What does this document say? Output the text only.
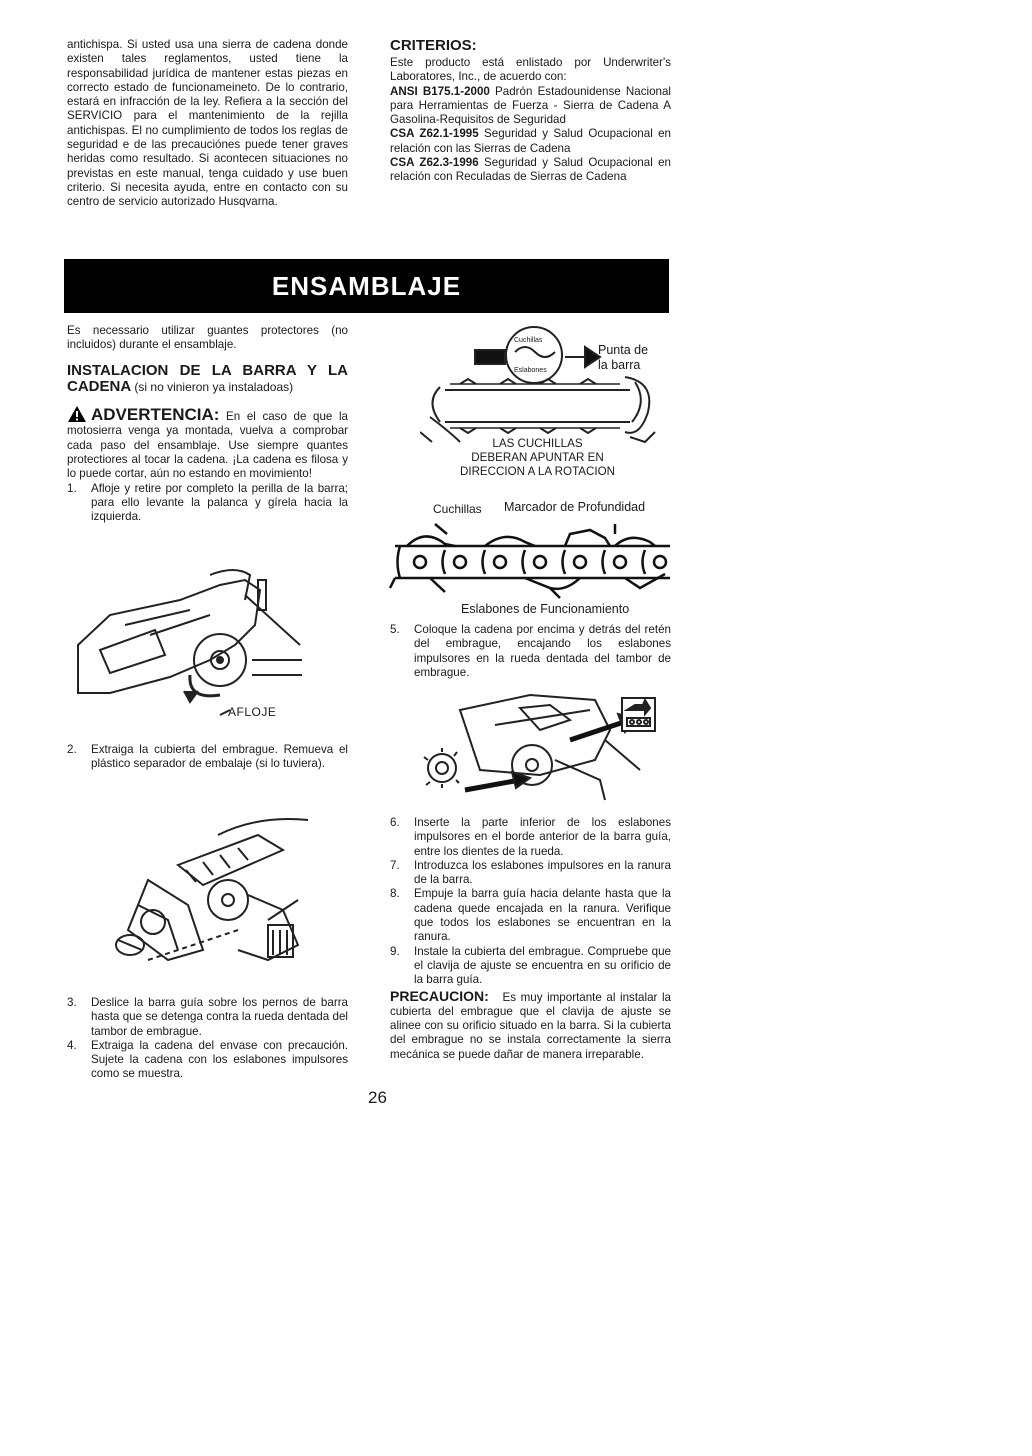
antichispa. Si usted usa una sierra de cadena donde existen tales reglamentos, usted tiene la responsabilidad jurídica de mantener estas piezas en correcto estado de funcionameineto. De lo contrario, estará en infracción de la ley. Refiera a la sección del SERVICIO para el mantenimiento de la rejilla antichispas. El no cumplimiento de todos los reglas de seguridad e de las precauciónes puede tener graves heridas como resultado. Si acontecen situaciones no previstas en este manual, tenga cuidado y use buen criterio. Si necesita ayuda, entre en contacto con su centro de servicio autorizado Husqvarna.

CRITERIOS:

Este producto está enlistado por Underwriter's Laboratores, Inc., de acuerdo con:

ANSI B175.1-2000 Padrón Estadounidense Nacional para Herramientas de Fuerza - Sierra de Cadena A Gasolina-Requisitos de Seguridad

CSA Z62.1-1995 Seguridad y Salud Ocupacional en relación con las Sierras de Cadena

CSA Z62.3-1996 Seguridad y Salud Ocupacional en relación con Reculadas de Sierras de Cadena

ENSAMBLAJE

Es necessario utilizar guantes protectores (no incluidos) durante el ensamblaje.

INSTALACION DE LA BARRA Y LA CADENA (si no vinieron ya instaladoas)
ADVERTENCIA: En el caso de que la motosierra venga ya montada, vuelva a comprobar cada paso del ensamblaje. Use siempre quantes protectiores al tocar la cadena. ¡La cadena es filosa y lo puede cortar, aún no estando en movimiento!
1. Afloje y retire por completo la perilla de la barra; para ello levante la palanca y gírela hacia la izquierda.
AFLOJE
2. Extraiga la cubierta del embrague. Remueva el plástico separador de embalaje (si lo tuviera).
3. Deslice la barra guía sobre los pernos de barra hasta que se detenga contra la rueda dentada del tambor de embrague.
4. Extraiga la cadena del envase con precaución. Sujete la cadena con los eslabones impulsores como se muestra.
Cuchillas
Eslabones
Punta de
la barra
LAS CUCHILLAS
DEBERAN APUNTAR EN
DIRECCION A LA ROTACION
Cuchillas Marcador de Profundidad
Eslabones de Funcionamiento
5. Coloque la cadena por encima y detrás del retén del embrague, encajando los eslabones impulsores en la rueda dentada del tambor de embrague.
6. Inserte la parte inferior de los eslabones impulsores en el borde anterior de la barra guía, entre los dientes de la rueda.
7. Introduzca los eslabones impulsores en la ranura de la barra.
8. Empuje la barra guía hacia delante hasta que la cadena quede encajada en la ranura. Verifique que todos los eslabones se encuentran en la ranura.
9. Instale la cubierta del embrague. Compruebe que el clavija de ajuste se encuentra en su orificio de la barra guía.

PRECAUCION: Es muy importante al instalar la cubierta del embrague que el clavija de ajuste se alinee con su orificio situado en la barra. Si la cubierta del embrague no se instala correctamente la sierra mecánica se puede dañar de manera irreparable.

26
